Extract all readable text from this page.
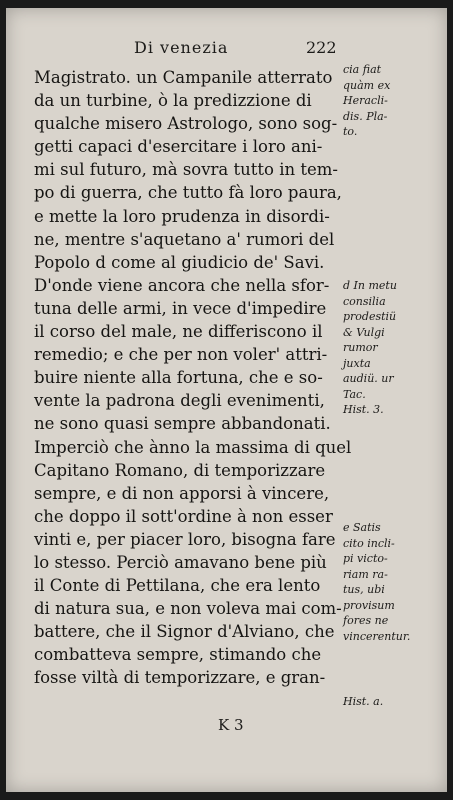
Di venezia	222
Magistrato. un Campanile atterrato
da un turbine, ò la predizzione di
qualche misero Astrologo, sono sog-
getti capaci d'esercitare i loro ani-
mi sul futuro, mà sovra tutto in tem-
po di guerra, che tutto fà loro paura,
e mette la loro prudenza in disordi-
ne, mentre s'aquetano a' rumori del
Popolo d come al giudicio de' Savi.
D'onde viene ancora che nella sfor-
tuna delle armi, in vece d'impedire
il corso del male, ne differiscono il
remedio; e che per non voler' attri-
buire niente alla fortuna, che e so-
vente la padrona degli evenimenti,
ne sono quasi sempre abbandonati.
Imperciò che ànno la massima di quel
Capitano Romano, di temporizzare
sempre, e di non apporsi à vincere,
che doppo il sott'ordine à non esser
vinti e, per piacer loro, bisogna fare
lo stesso. Perciò amavano bene più
il Conte di Pettilana, che era lento
di natura sua, e non voleva mai com-
battere, che il Signor d'Alviano, che
combatteva sempre, stimando che
fosse viltà di temporizzare, e gran-
cia fiat
quàm ex
Heracli-
dis. Pla-
to.
d In metu
consilia
prodestiü
& Vulgi
rumor
juxta
audiü. ur
Tac.
Hist. 3.
e Satis
cito incli-
pi victo-
riam ra-
tus, ubi
provisum
fores ne
vincerentur.
Hist. a.
K 3
